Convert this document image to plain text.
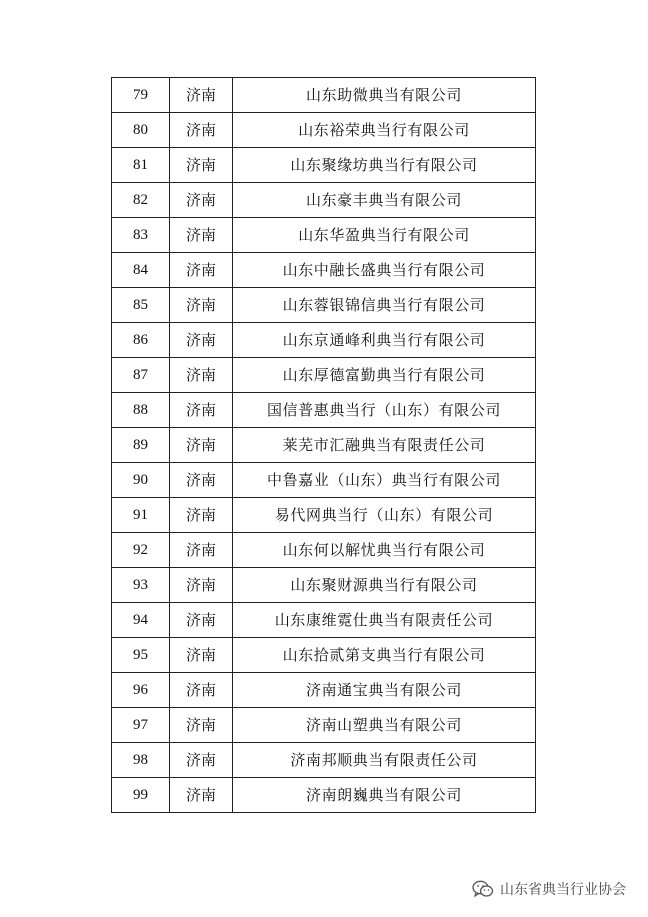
79	济南	山东助微典当有限公司
80	济南	山东裕荣典当行有限公司
81	济南	山东聚缘坊典当行有限公司
82	济南	山东豪丰典当有限公司
83	济南	山东华盈典当行有限公司
84	济南	山东中融长盛典当行有限公司
85	济南	山东蓉银锦信典当行有限公司
86	济南	山东京通峰利典当行有限公司
87	济南	山东厚德富勤典当行有限公司
88	济南	国信普惠典当行（山东）有限公司
89	济南	莱芜市汇融典当有限责任公司
90	济南	中鲁嘉业（山东）典当行有限公司
91	济南	易代网典当行（山东）有限公司
92	济南	山东何以解忧典当行有限公司
93	济南	山东聚财源典当行有限公司
94	济南	山东康维霓仕典当有限责任公司
95	济南	山东拾贰第支典当行有限公司
96	济南	济南通宝典当有限公司
97	济南	济南山塑典当有限公司
98	济南	济南邦顺典当有限责任公司
99	济南	济南朗巍典当有限公司
山东省典当行业协会
